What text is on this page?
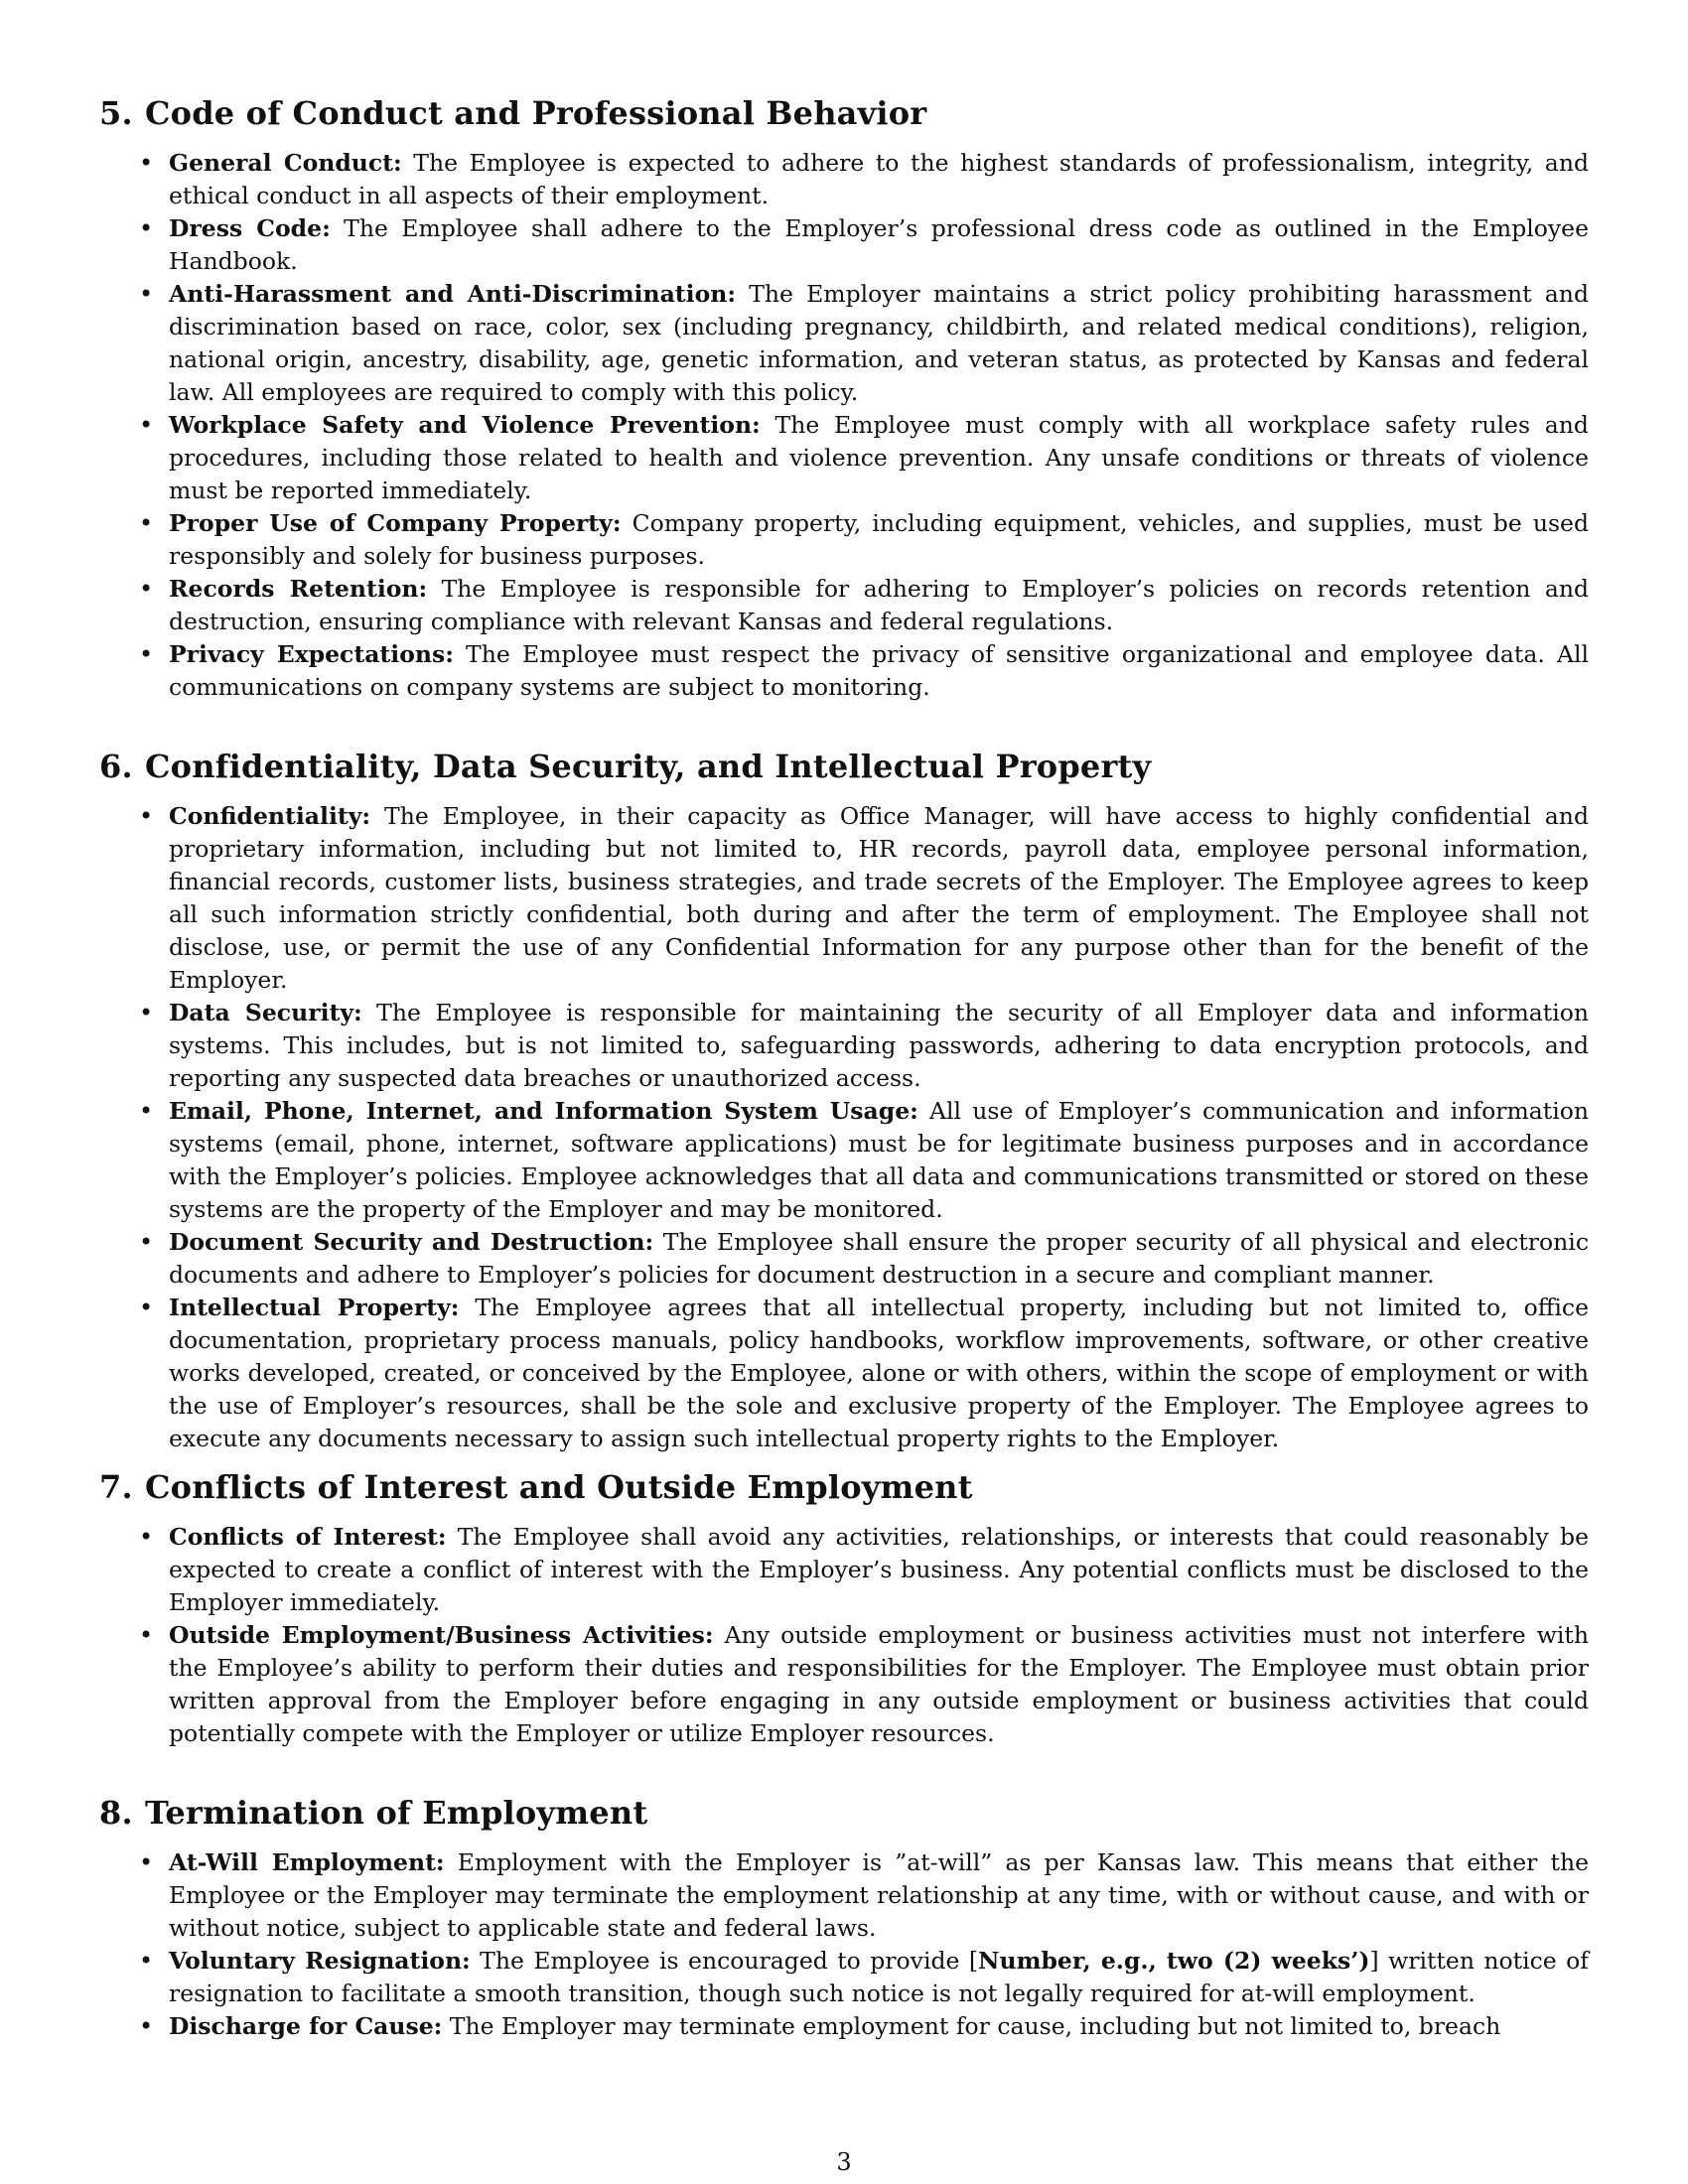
5. Code of Conduct and Professional Behavior
• General Conduct: The Employee is expected to adhere to the highest standards of professionalism, integrity, and ethical conduct in all aspects of their employment.
• Dress Code: The Employee shall adhere to the Employer’s professional dress code as outlined in the Employee Handbook.
• Anti-Harassment and Anti-Discrimination: The Employer maintains a strict policy prohibiting harassment and discrimination based on race, color, sex (including pregnancy, childbirth, and related medical conditions), religion, national origin, ancestry, disability, age, genetic information, and veteran status, as protected by Kansas and federal law. All employees are required to comply with this policy.
• Workplace Safety and Violence Prevention: The Employee must comply with all workplace safety rules and procedures, including those related to health and violence prevention. Any unsafe conditions or threats of violence must be reported immediately.
• Proper Use of Company Property: Company property, including equipment, vehicles, and supplies, must be used responsibly and solely for business purposes.
• Records Retention: The Employee is responsible for adhering to Employer’s policies on records retention and destruction, ensuring compliance with relevant Kansas and federal regulations.
• Privacy Expectations: The Employee must respect the privacy of sensitive organizational and employee data. All communications on company systems are subject to monitoring.
6. Confidentiality, Data Security, and Intellectual Property
• Confidentiality: The Employee, in their capacity as Office Manager, will have access to highly confidential and proprietary information, including but not limited to, HR records, payroll data, employee personal information, financial records, customer lists, business strategies, and trade secrets of the Employer. The Employee agrees to keep all such information strictly confidential, both during and after the term of employment. The Employee shall not disclose, use, or permit the use of any Confidential Information for any purpose other than for the benefit of the Employer.
• Data Security: The Employee is responsible for maintaining the security of all Employer data and information systems. This includes, but is not limited to, safeguarding passwords, adhering to data encryption protocols, and reporting any suspected data breaches or unauthorized access.
• Email, Phone, Internet, and Information System Usage: All use of Employer’s communication and information systems (email, phone, internet, software applications) must be for legitimate business purposes and in accordance with the Employer’s policies. Employee acknowledges that all data and communications transmitted or stored on these systems are the property of the Employer and may be monitored.
• Document Security and Destruction: The Employee shall ensure the proper security of all physical and electronic documents and adhere to Employer’s policies for document destruction in a secure and compliant manner.
• Intellectual Property: The Employee agrees that all intellectual property, including but not limited to, office documentation, proprietary process manuals, policy handbooks, workflow improvements, software, or other creative works developed, created, or conceived by the Employee, alone or with others, within the scope of employment or with the use of Employer’s resources, shall be the sole and exclusive property of the Employer. The Employee agrees to execute any documents necessary to assign such intellectual property rights to the Employer.
7. Conflicts of Interest and Outside Employment
• Conflicts of Interest: The Employee shall avoid any activities, relationships, or interests that could reasonably be expected to create a conflict of interest with the Employer’s business. Any potential conflicts must be disclosed to the Employer immediately.
• Outside Employment/Business Activities: Any outside employment or business activities must not interfere with the Employee’s ability to perform their duties and responsibilities for the Employer. The Employee must obtain prior written approval from the Employer before engaging in any outside employment or business activities that could potentially compete with the Employer or utilize Employer resources.
8. Termination of Employment
• At-Will Employment: Employment with the Employer is ”at-will” as per Kansas law. This means that either the Employee or the Employer may terminate the employment relationship at any time, with or without cause, and with or without notice, subject to applicable state and federal laws.
• Voluntary Resignation: The Employee is encouraged to provide [Number, e.g., two (2) weeks’)] written notice of resignation to facilitate a smooth transition, though such notice is not legally required for at-will employment.
• Discharge for Cause: The Employer may terminate employment for cause, including but not limited to, breach
3
